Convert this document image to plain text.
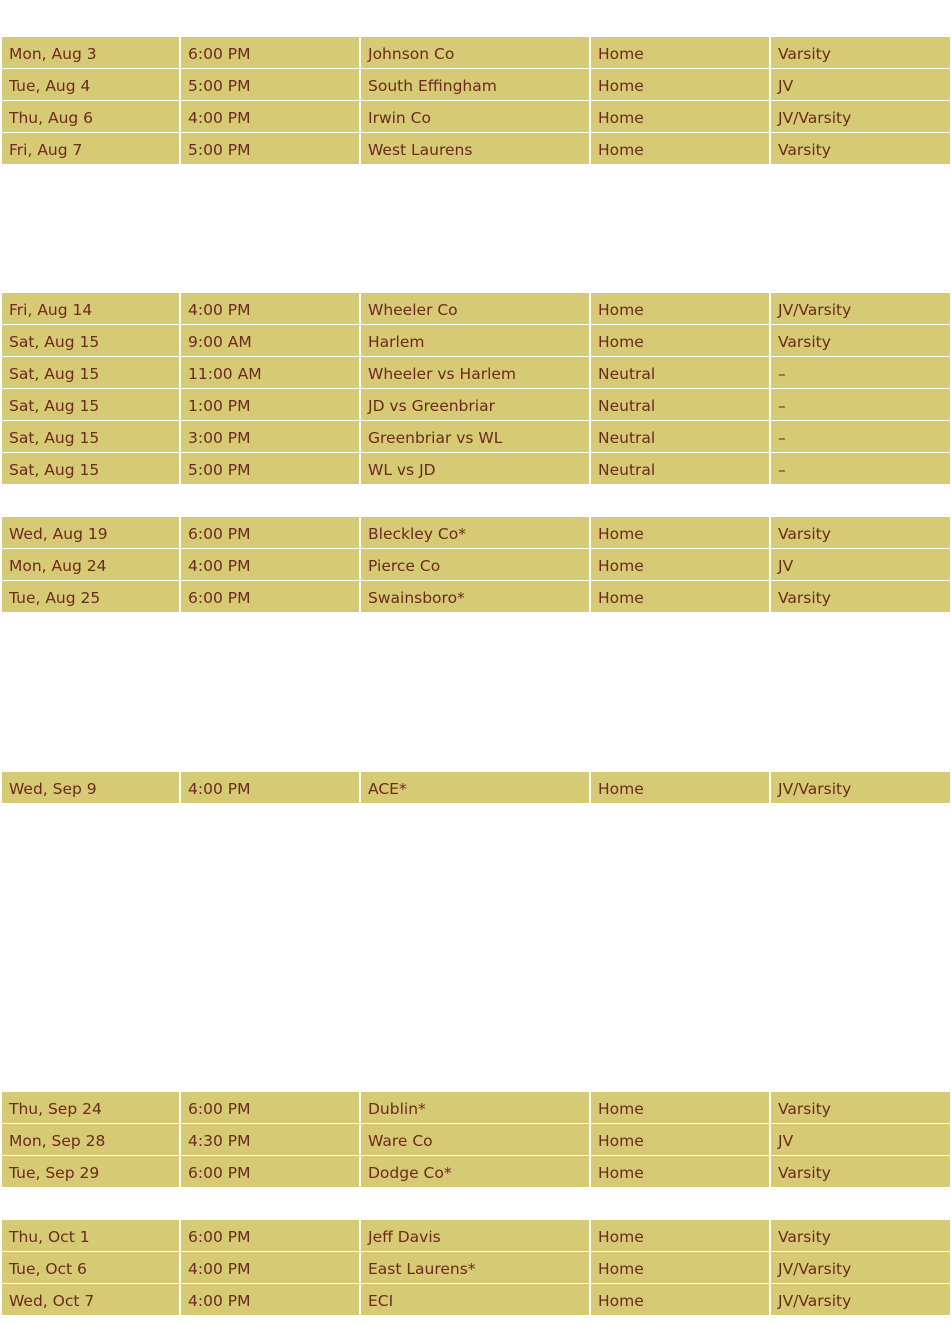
Mon, Aug 3	6:00 PM	Johnson Co	Home	Varsity
Tue, Aug 4	5:00 PM	South Effingham	Home	JV
Thu, Aug 6	4:00 PM	Irwin Co	Home	JV/Varsity
Fri, Aug 7	5:00 PM	West Laurens	Home	Varsity
Fri, Aug 14	4:00 PM	Wheeler Co	Home	JV/Varsity
Sat, Aug 15	9:00 AM	Harlem	Home	Varsity
Sat, Aug 15	11:00 AM	Wheeler vs Harlem	Neutral	–
Sat, Aug 15	1:00 PM	JD vs Greenbriar	Neutral	–
Sat, Aug 15	3:00 PM	Greenbriar vs WL	Neutral	–
Sat, Aug 15	5:00 PM	WL vs JD	Neutral	–
Wed, Aug 19	6:00 PM	Bleckley Co*	Home	Varsity
Mon, Aug 24	4:00 PM	Pierce Co	Home	JV
Tue, Aug 25	6:00 PM	Swainsboro*	Home	Varsity
Wed, Sep 9	4:00 PM	ACE*	Home	JV/Varsity
Thu, Sep 24	6:00 PM	Dublin*	Home	Varsity
Mon, Sep 28	4:30 PM	Ware Co	Home	JV
Tue, Sep 29	6:00 PM	Dodge Co*	Home	Varsity
Thu, Oct 1	6:00 PM	Jeff Davis	Home	Varsity
Tue, Oct 6	4:00 PM	East Laurens*	Home	JV/Varsity
Wed, Oct 7	4:00 PM	ECI	Home	JV/Varsity
